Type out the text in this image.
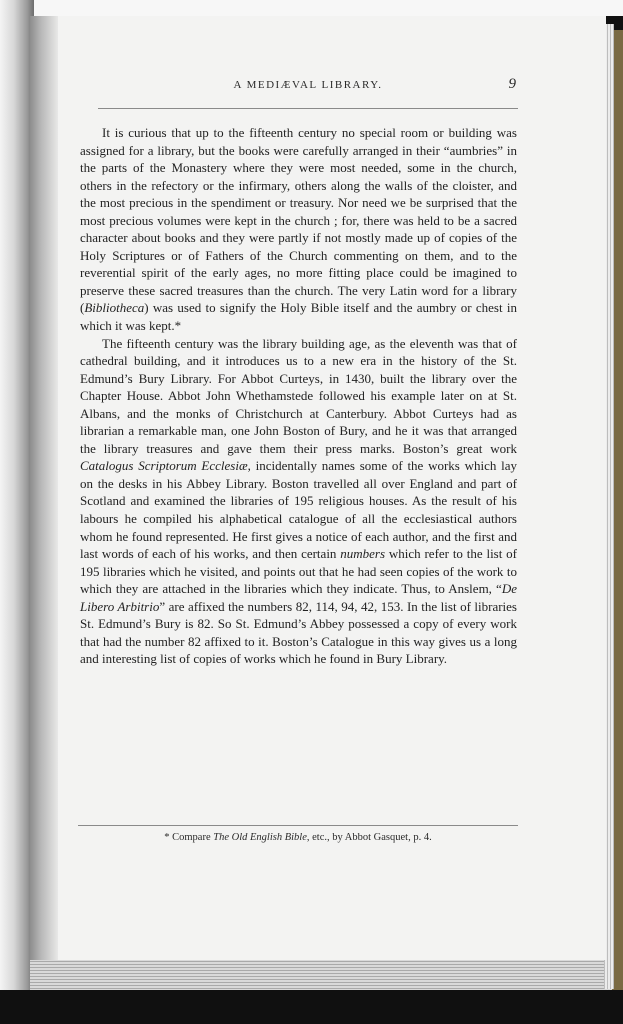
A MEDIÆVAL LIBRARY.	9

It is curious that up to the fifteenth century no special room or building was assigned for a library, but the books were carefully arranged in their “aumbries” in the parts of the Monastery where they were most needed, some in the church, others in the refectory or the infirmary, others along the walls of the cloister, and the most precious in the spendiment or treasury. Nor need we be surprised that the most precious volumes were kept in the church ; for, there was held to be a sacred character about books and they were partly if not mostly made up of copies of the Holy Scriptures or of Fathers of the Church commenting on them, and to the reverential spirit of the early ages, no more fitting place could be imagined to preserve these sacred treasures than the church. The very Latin word for a library (Bibliotheca) was used to signify the Holy Bible itself and the aumbry or chest in which it was kept.*

The fifteenth century was the library building age, as the eleventh was that of cathedral building, and it introduces us to a new era in the history of the St. Edmund’s Bury Library. For Abbot Curteys, in 1430, built the library over the Chapter House. Abbot John Whethamstede followed his example later on at St. Albans, and the monks of Christchurch at Canterbury. Abbot Curteys had as librarian a remarkable man, one John Boston of Bury, and he it was that arranged the library treasures and gave them their press marks. Boston’s great work Catalogus Scriptorum Ecclesiæ, incidentally names some of the works which lay on the desks in his Abbey Library. Boston travelled all over England and part of Scotland and examined the libraries of 195 religious houses. As the result of his labours he compiled his alphabetical catalogue of all the ecclesiastical authors whom he found represented. He first gives a notice of each author, and the first and last words of each of his works, and then certain numbers which refer to the list of 195 libraries which he visited, and points out that he had seen copies of the work to which they are attached in the libraries which they indicate. Thus, to Anslem, “De Libero Arbitrio” are affixed the numbers 82, 114, 94, 42, 153. In the list of libraries St. Edmund’s Bury is 82. So St. Edmund’s Abbey possessed a copy of every work that had the number 82 affixed to it. Boston’s Catalogue in this way gives us a long and interesting list of copies of works which he found in Bury Library.

* Compare The Old English Bible, etc., by Abbot Gasquet, p. 4.
